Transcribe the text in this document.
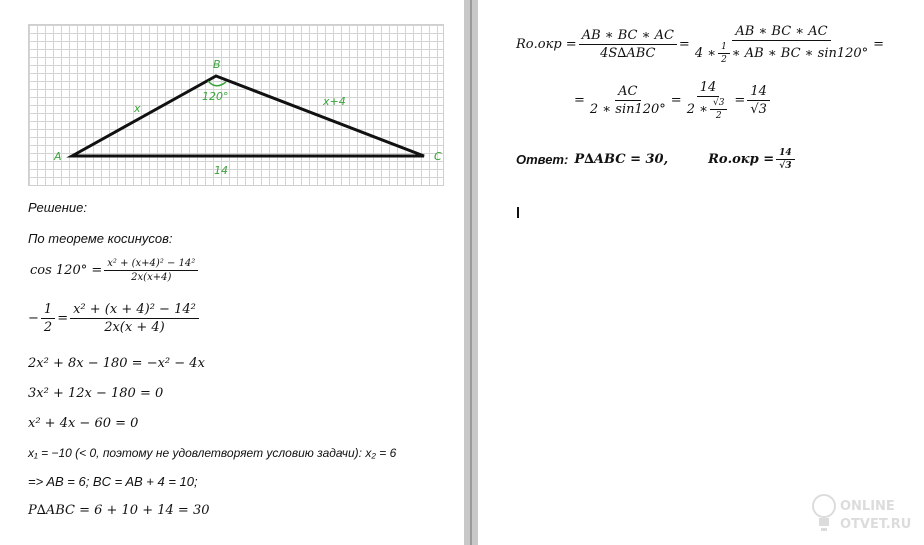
A
B
C
x
x+4
14
120°
Решение:
По теореме косинусов:
$\cos 120^\circ = \frac{\text{x² + (x+4)² − 14²}}{2x(x+4)}$
− $\frac{1}{2} = \frac{\text{x² + (x + 4)² − 14²}}{2x(x + 4)}$
2x² + 8x − 180 = −x² − 4x
3x² + 12x − 180 = 0
x² + 4x − 60 = 0
x₁ = −10 (< 0, поэтому не удовлетворяет условию задачи): x₂ = 6
=> AB = 6; BC = AB + 4 = 10;
P∆ABC = 6 + 10 + 14 = 30
$Rо.окр = \frac{AB ∗ BC ∗ AC}{\text{4S∆ABC}}$ =
AB ∗ BC ∗ AC
4 ∗ $\frac{1}{2}$ ∗ AB ∗ BC ∗ sin120°
=
= $\frac{AC}{2 ∗ \sin 120^\circ} = \frac{14}{2 ∗ \frac{√3}{2}} = \frac{14}{√3}$
Ответ: P∆ABC = 30,	$Rо.окр = \frac{14}{√3}$
ONLINE
OTVET.RU
